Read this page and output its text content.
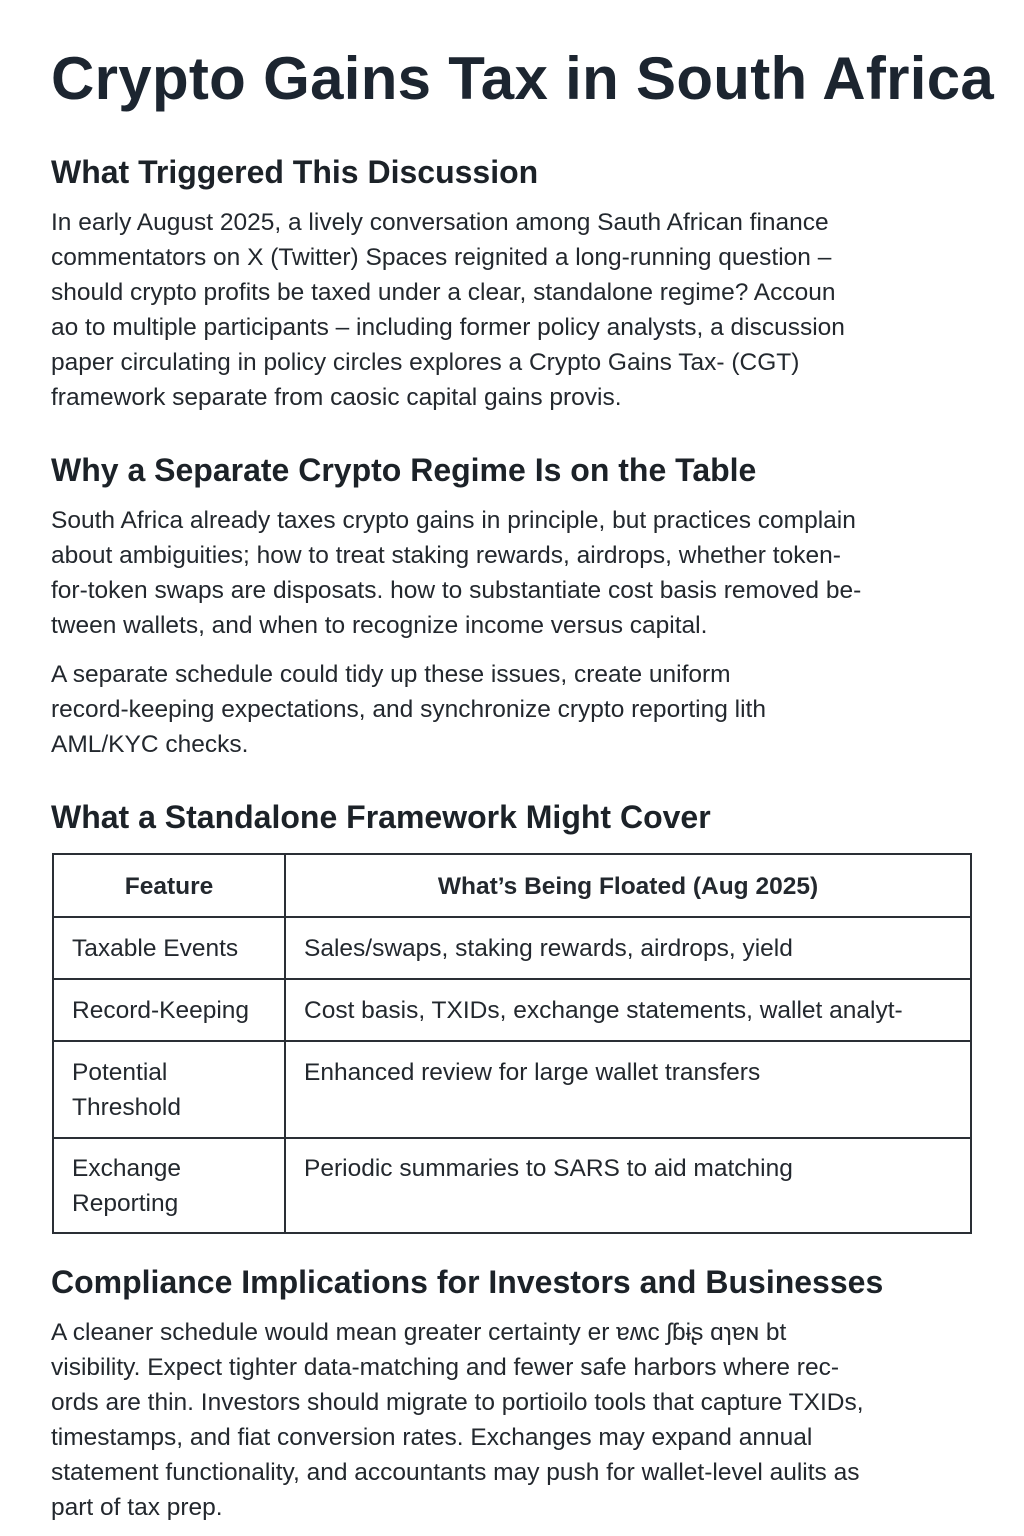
Crypto Gains Tax in South Africa
What Triggered This Discussion

In early August 2025, a lively conversation among Sauth African finance
commentators on X (Twitter) Spaces reignited a long-running question –
should crypto profits be taxed under a clear, standalone regime? Accoun
ao to multiple participants – including former policy analysts, a discussion
paper circulating in policy circles explores a Crypto Gains Tax- (CGT)
framework separate from caosic capital gains provis.

Why a Separate Crypto Regime Is on the Table

South Africa already taxes crypto gains in principle, but practices complain
about ambiguities; how to treat staking rewards, airdrops, whether token-
for-token swaps are disposats. how to substantiate cost basis removed be-
tween wallets, and when to recognize income versus capital.

A separate schedule could tidy up these issues, create uniform
record-keeping expectations, and synchronize crypto reporting lith
AML/KYC checks.

What a Standalone Framework Might Cover
Feature	What’s Being Floated (Aug 2025)
Taxable Events	Sales/swaps, staking rewards, airdrops, yield
Record-Keeping	Cost basis, TXIDs, exchange statements, wallet analyt-

Potential
Threshold	Enhanced review for large wallet transfers

Exchange
Reporting	Periodic summaries to SARS to aid matching
Compliance Implications for Investors and Businesses

A cleaner schedule would mean greater certainty er ɐʍc ʃɓɨʂ ɑɿɐɴ bt
visibility. Expect tighter data-matching and fewer safe harbors where rec-
ords are thin. Investors should migrate to portioilo tools that capture TXIDs,
timestamps, and fiat conversion rates. Exchanges may expand annual
statement functionality, and accountants may push for wallet-level aulits as
part of tax prep.
